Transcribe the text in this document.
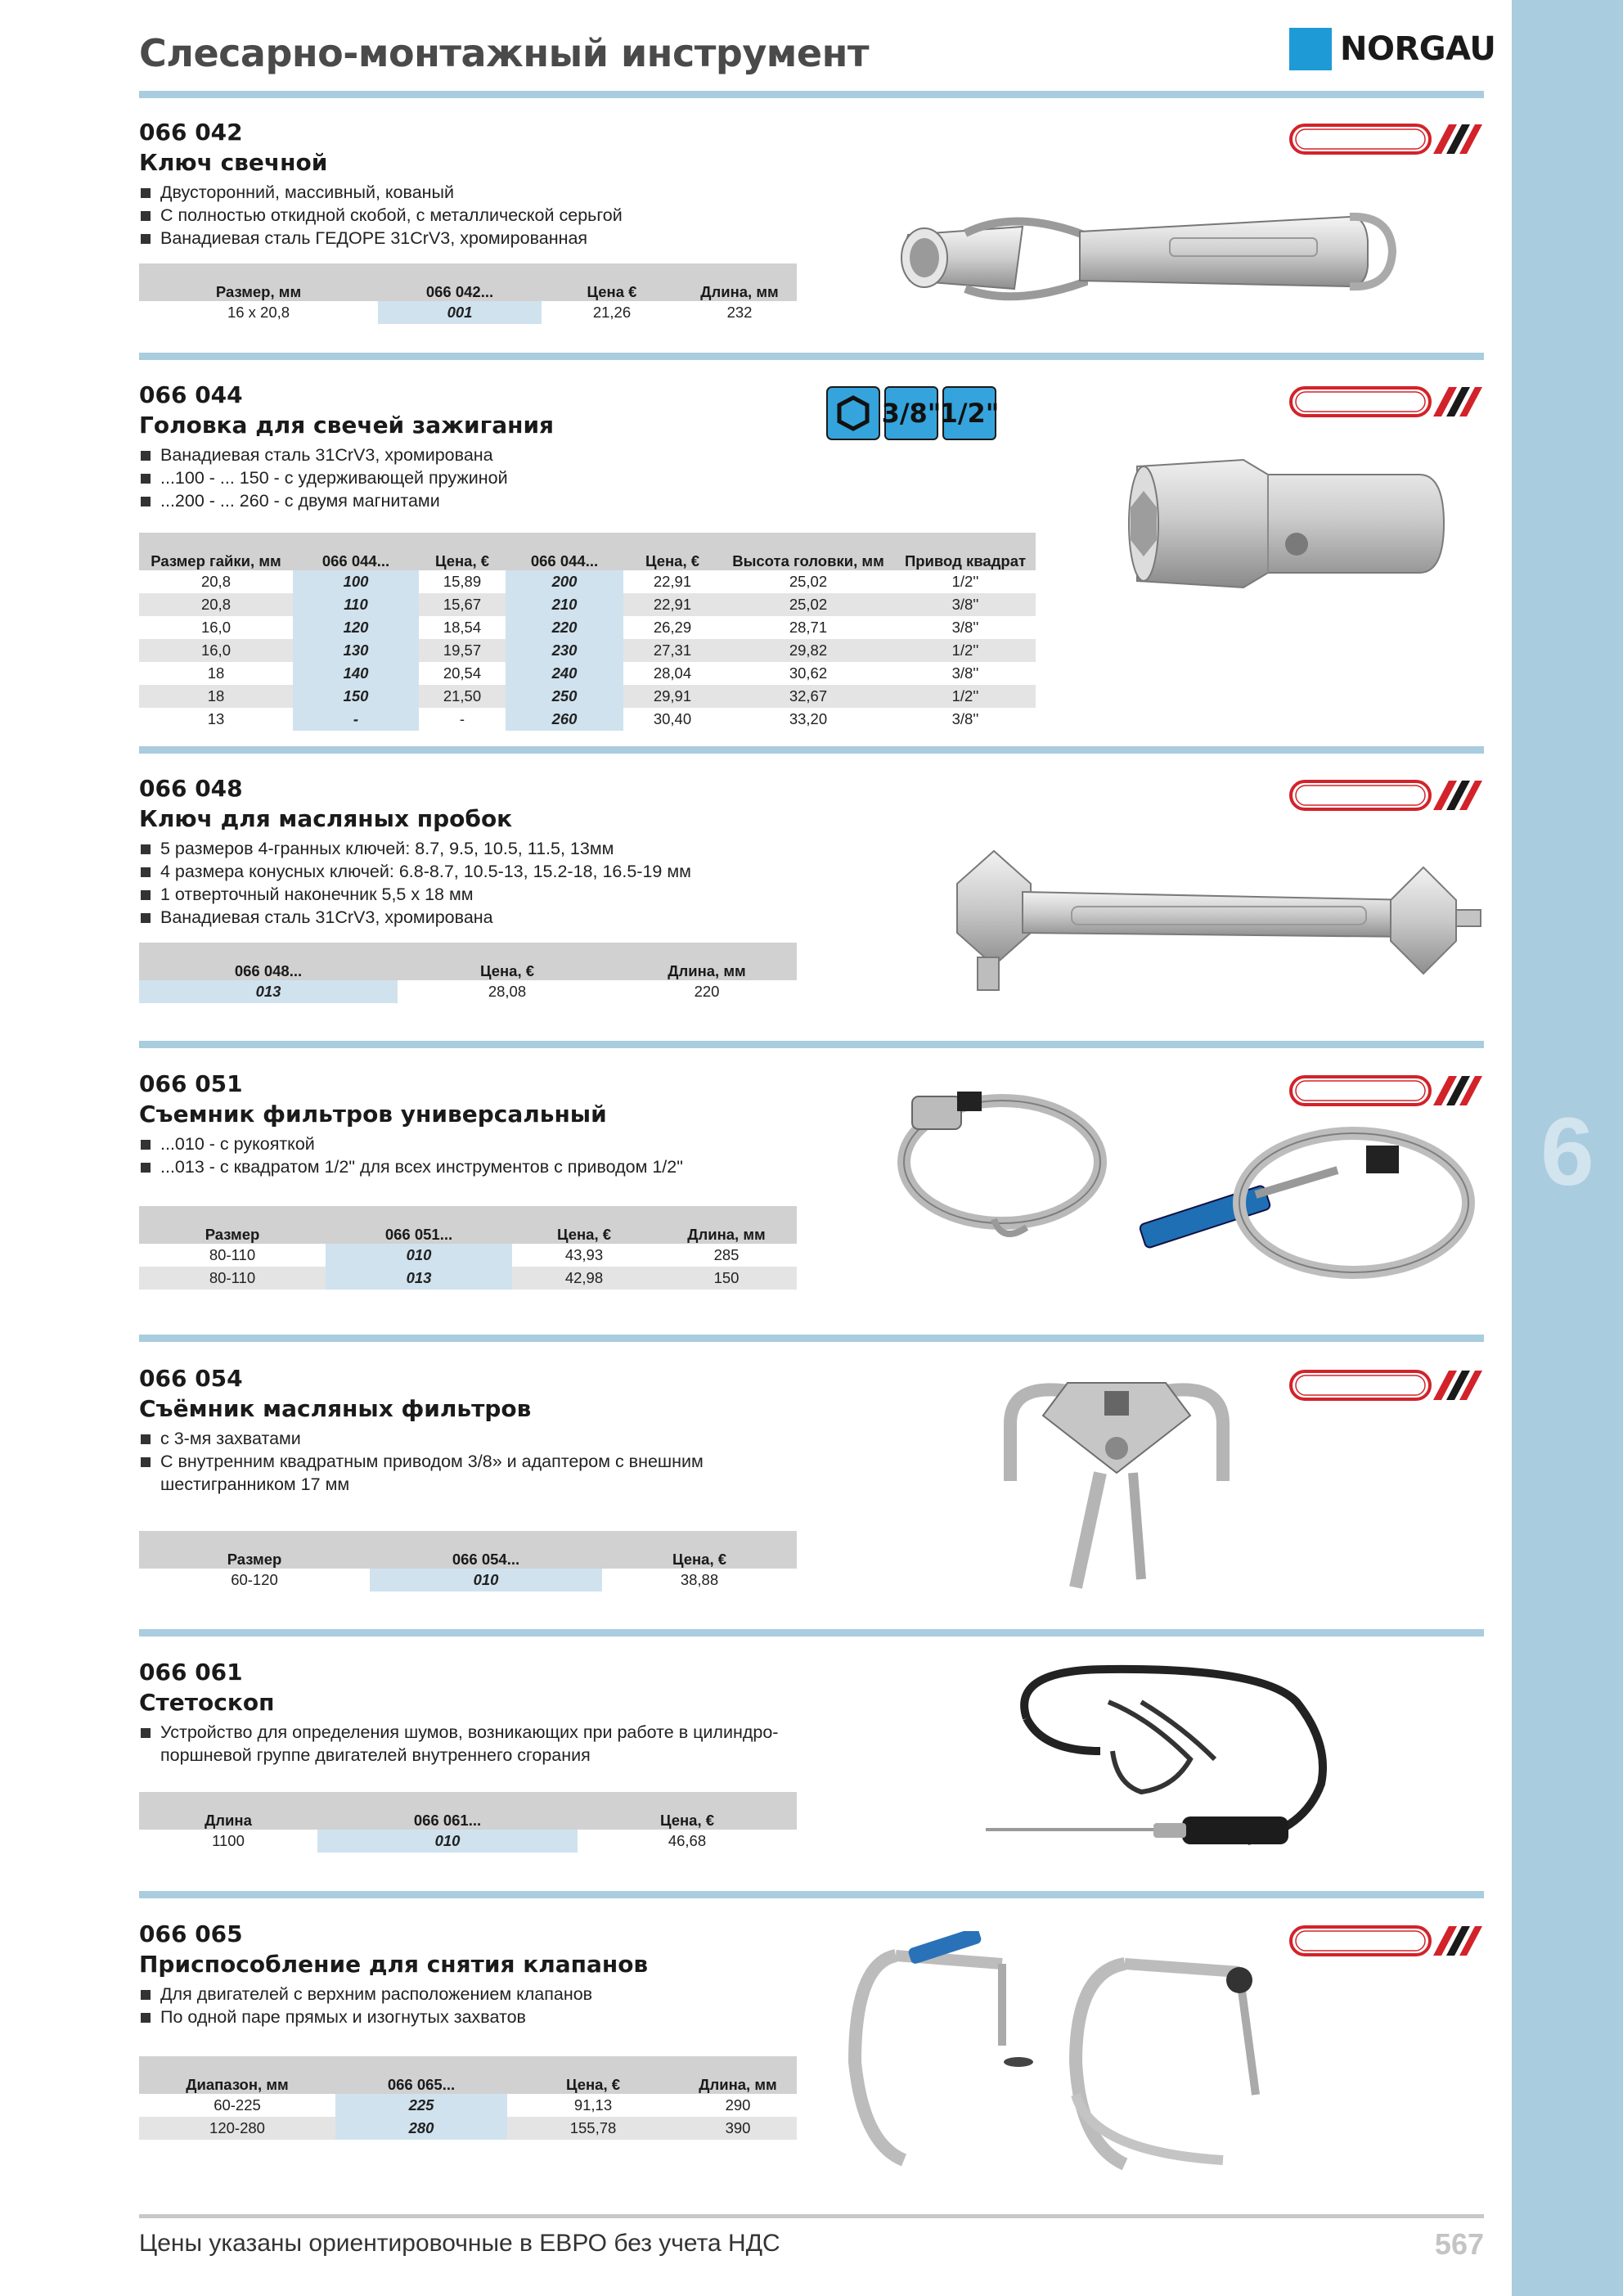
6
Слесарно-монтажный инструмент	NORGAU
066 042
Ключ свечной
Двусторонний, массивный, кованый
С полностью откидной скобой, с металлической серьгой
Ванадиевая сталь ГЕДОРЕ 31CrV3, хромированная
Размер, мм	066 042...	Цена €	Длина, мм
16 x 20,8	001	21,26	232
066 044
Головка для свечей зажигания
Ванадиевая сталь 31CrV3, хромирована
...100 - ... 150 - с удерживающей пружиной
...200 - ... 260 - с двумя магнитами
3/8"
1/2"
Размер гайки, мм	066 044...	Цена, €	066 044...	Цена, €	Высота головки, мм	Привод квадрат
20,8	100	15,89	200	22,91	25,02	1/2''
20,8	110	15,67	210	22,91	25,02	3/8''
16,0	120	18,54	220	26,29	28,71	3/8''
16,0	130	19,57	230	27,31	29,82	1/2''
18	140	20,54	240	28,04	30,62	3/8''
18	150	21,50	250	29,91	32,67	1/2''
13	-	-	260	30,40	33,20	3/8''
066 048
Ключ для масляных пробок
5 размеров 4-гранных ключей: 8.7, 9.5, 10.5, 11.5, 13мм
4 размера конусных ключей: 6.8-8.7, 10.5-13, 15.2-18, 16.5-19 мм
1 отверточный наконечник 5,5 х 18 мм
Ванадиевая сталь 31CrV3, хромирована
066 048...	Цена, €	Длина, мм
013	28,08	220
066 051
Съемник фильтров универсальный
...010 - с рукояткой
...013 - с квадратом 1/2" для всех инструментов с приводом 1/2"
Размер	066 051...	Цена, €	Длина, мм
80-110	010	43,93	285
80-110	013	42,98	150
066 054
Съёмник масляных фильтров
с 3-мя захватами
С внутренним квадратным приводом 3/8» и адаптером с внешним шестигранником 17 мм
Размер	066 054...	Цена, €
60-120	010	38,88
066 061
Стетоскоп
Устройство для определения шумов, возникающих при работе в цилиндро-поршневой группе двигателей внутреннего сгорания
Длина	066 061...	Цена, €
1100	010	46,68
066 065
Приспособление для снятия клапанов
Для двигателей с верхним расположением клапанов
По одной паре прямых и изогнутых захватов
Диапазон, мм	066 065...	Цена, €	Длина, мм
60-225	225	91,13	290
120-280	280	155,78	390
Цены указаны ориентировочные в ЕВРО без учета НДС	567
